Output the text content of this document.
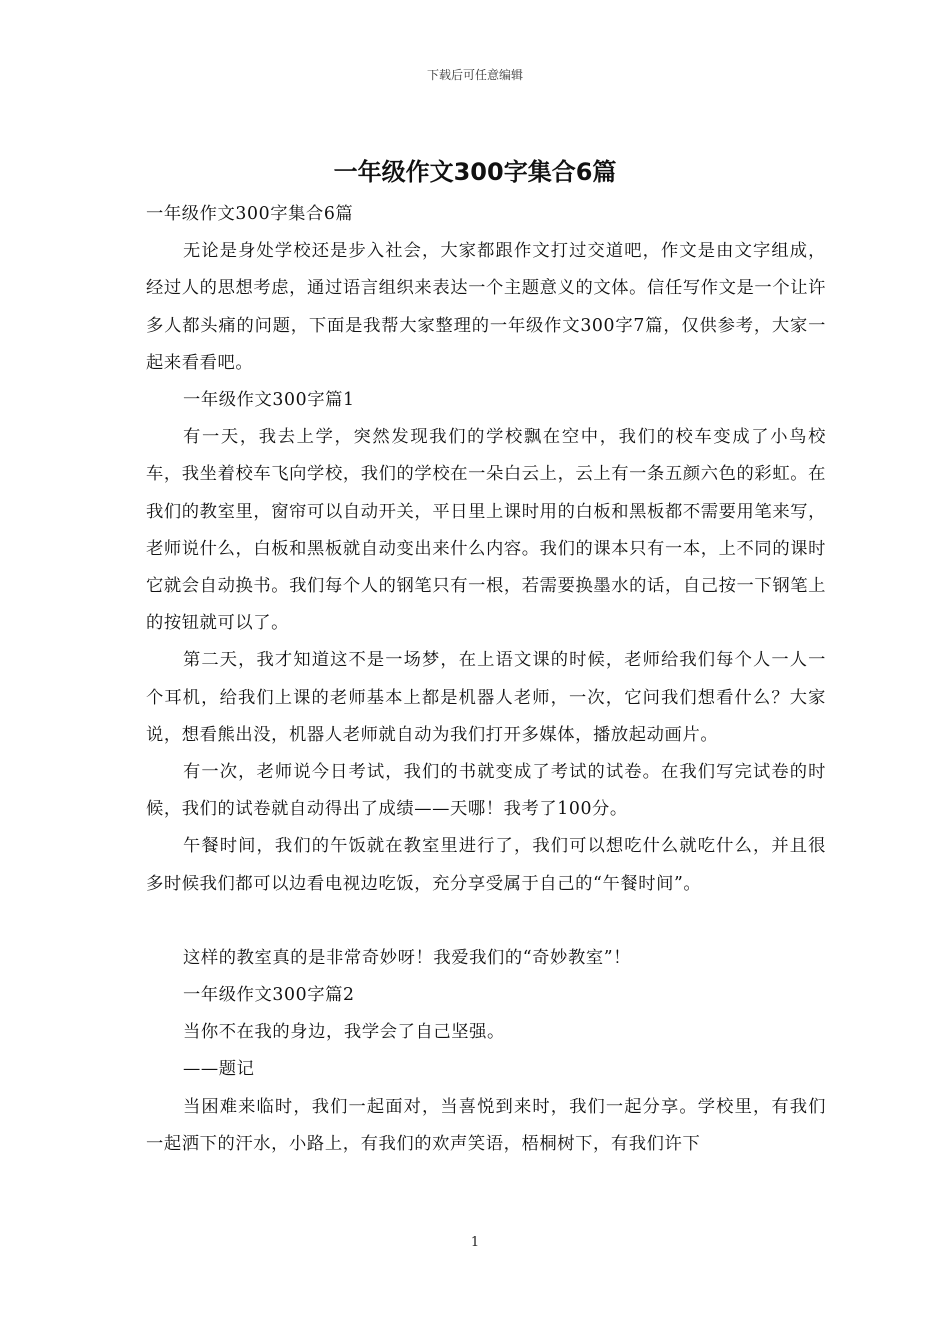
下载后可任意编辑
一年级作文300字集合6篇

一年级作文300字集合6篇

无论是身处学校还是步入社会，大家都跟作文打过交道吧，作文是由文字组成，经过人的思想考虑，通过语言组织来表达一个主题意义的文体。信任写作文是一个让许多人都头痛的问题，下面是我帮大家整理的一年级作文300字7篇，仅供参考，大家一起来看看吧。

一年级作文300字篇1

有一天，我去上学，突然发现我们的学校飘在空中，我们的校车变成了小鸟校车，我坐着校车飞向学校，我们的学校在一朵白云上，云上有一条五颜六色的彩虹。在我们的教室里，窗帘可以自动开关，平日里上课时用的白板和黑板都不需要用笔来写，老师说什么，白板和黑板就自动变出来什么内容。我们的课本只有一本，上不同的课时它就会自动换书。我们每个人的钢笔只有一根，若需要换墨水的话，自己按一下钢笔上的按钮就可以了。

第二天，我才知道这不是一场梦，在上语文课的时候，老师给我们每个人一人一个耳机，给我们上课的老师基本上都是机器人老师，一次，它问我们想看什么？大家说，想看熊出没，机器人老师就自动为我们打开多媒体，播放起动画片。

有一次，老师说今日考试，我们的书就变成了考试的试卷。在我们写完试卷的时候，我们的试卷就自动得出了成绩——天哪！我考了100分。

午餐时间，我们的午饭就在教室里进行了，我们可以想吃什么就吃什么，并且很多时候我们都可以边看电视边吃饭，充分享受属于自己的“午餐时间”。

这样的教室真的是非常奇妙呀！我爱我们的“奇妙教室”！

一年级作文300字篇2

当你不在我的身边，我学会了自己坚强。

——题记

当困难来临时，我们一起面对，当喜悦到来时，我们一起分享。学校里，有我们一起洒下的汗水，小路上，有我们的欢声笑语，梧桐树下，有我们许下

1
